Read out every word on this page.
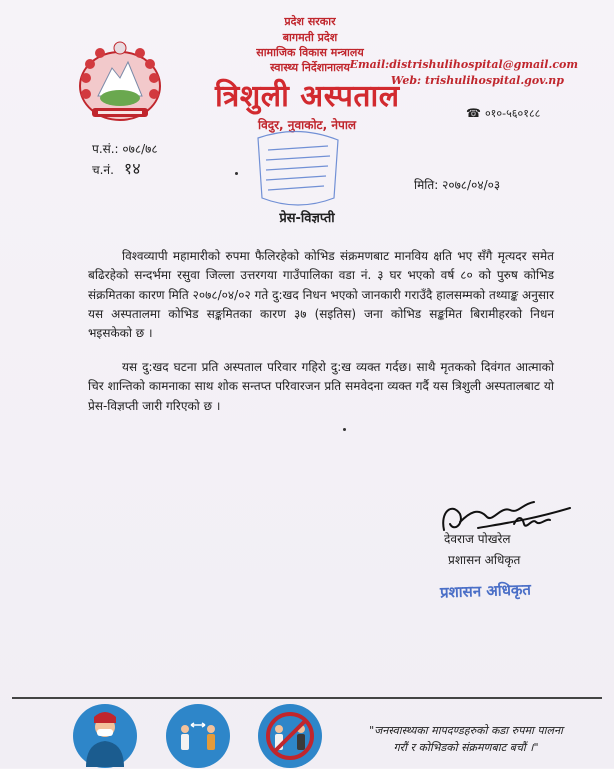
प्रदेश सरकार
बागमती प्रदेश
सामाजिक विकास मन्त्रालय
स्वास्थ्य निर्देशानालय
त्रिशुली अस्पताल
विदुर, नुवाकोट, नेपाल
Email:distrishulihospital@gmail.com
Web: trishulihospital.gov.np
☎ ०१०-५६०१८८
प.सं.: ०७८/७८
च.नं. १४
मिति: २०७८/०४/०३
प्रेस-विज्ञप्ती
विश्वव्यापी महामारीको रुपमा फैलिरहेको कोभिड संक्रमणबाट मानविय क्षति भए सँगै मृत्यदर समेत बढिरहेको सन्दर्भमा रसुवा जिल्ला उत्तरगया गाउँपालिका वडा नं. ३ घर भएको वर्ष ८० को पुरुष कोभिड संक्रमितका कारण मिति २०७८/०४/०२ गते दु:खद निधन भएको जानकारी गराउँदै हालसम्मको तथ्याङ्क अनुसार यस अस्पतालमा कोभिड सङ्कमितका कारण ३७ (सइतिस) जना कोभिड सङ्कमित बिरामीहरको निधन भइसकेको छ ।
यस दु:खद घटना प्रति अस्पताल परिवार गहिरो दु:ख व्यक्त गर्दछ। साथै मृतकको दिवंगत आत्माको चिर शान्तिको कामनाका साथ शोक सन्तप्त परिवारजन प्रति समवेदना व्यक्त गर्दै यस त्रिशुली अस्पतालबाट यो प्रेस-विज्ञप्ती जारी गरिएको छ ।
देवराज पोखरेल
प्रशासन अधिकृत
प्रशासन अधिकृत
"जनस्वास्थ्यका मापदण्डहरुको कडा रुपमा पालना
गरौं र कोभिडको संक्रमणबाट बचौं ।"
